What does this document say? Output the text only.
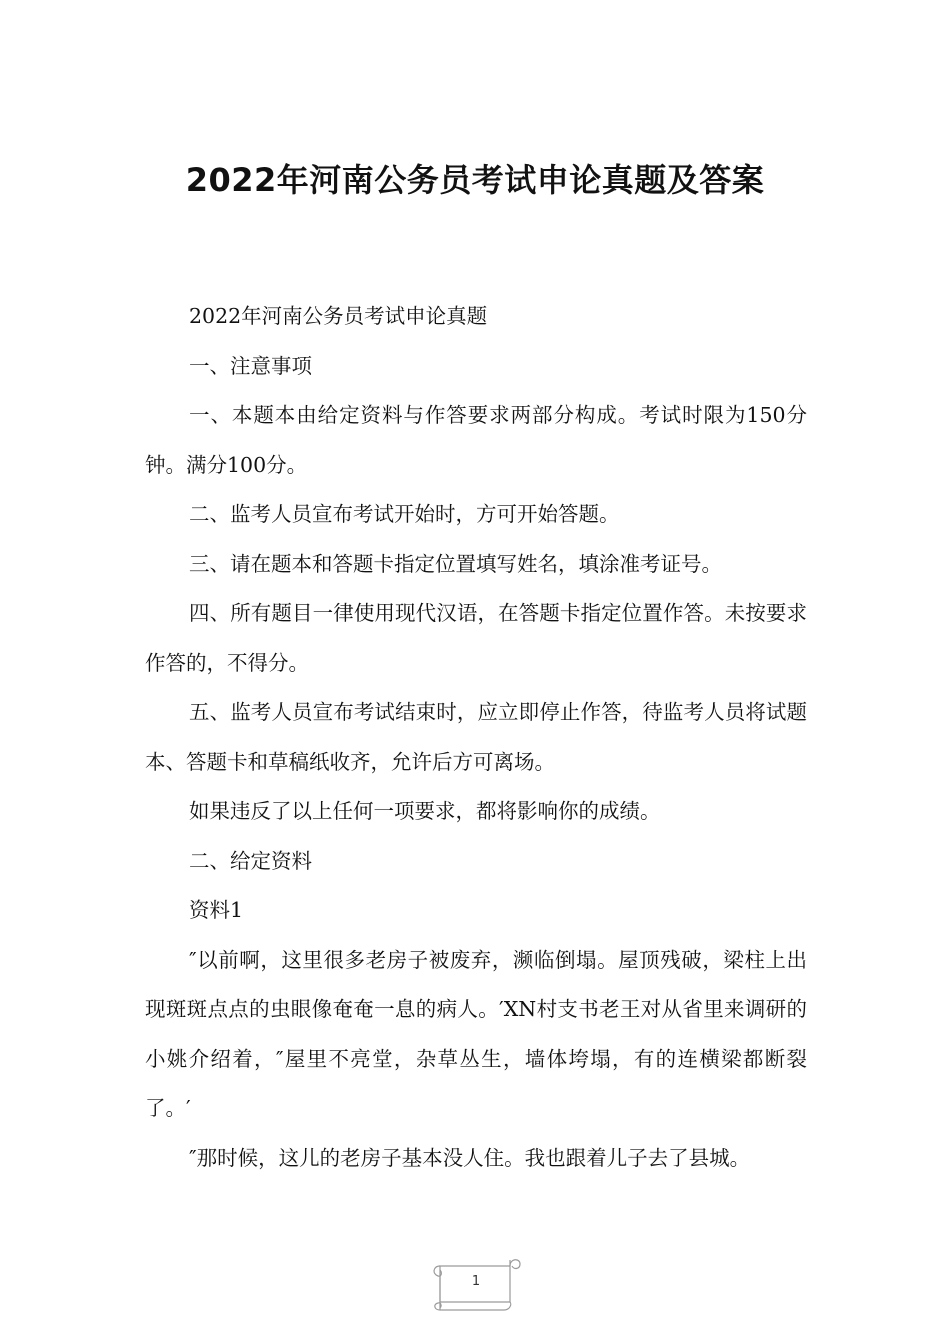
2022年河南公务员考试申论真题及答案

2022年河南公务员考试申论真题

一、注意事项

一、本题本由给定资料与作答要求两部分构成。考试时限为150分钟。满分100分。

二、监考人员宣布考试开始时，方可开始答题。

三、请在题本和答题卡指定位置填写姓名，填涂准考证号。

四、所有题目一律使用现代汉语，在答题卡指定位置作答。未按要求作答的，不得分。

五、监考人员宣布考试结束时，应立即停止作答，待监考人员将试题本、答题卡和草稿纸收齐，允许后方可离场。

如果违反了以上任何一项要求，都将影响你的成绩。

二、给定资料

资料1

″以前啊，这里很多老房子被废弃，濒临倒塌。屋顶残破，梁柱上出现斑斑点点的虫眼像奄奄一息的病人。′XN村支书老王对从省里来调研的小姚介绍着，″屋里不亮堂，杂草丛生，墙体垮塌，有的连横梁都断裂了。′

″那时候，这儿的老房子基本没人住。我也跟着儿子去了县城。

1
